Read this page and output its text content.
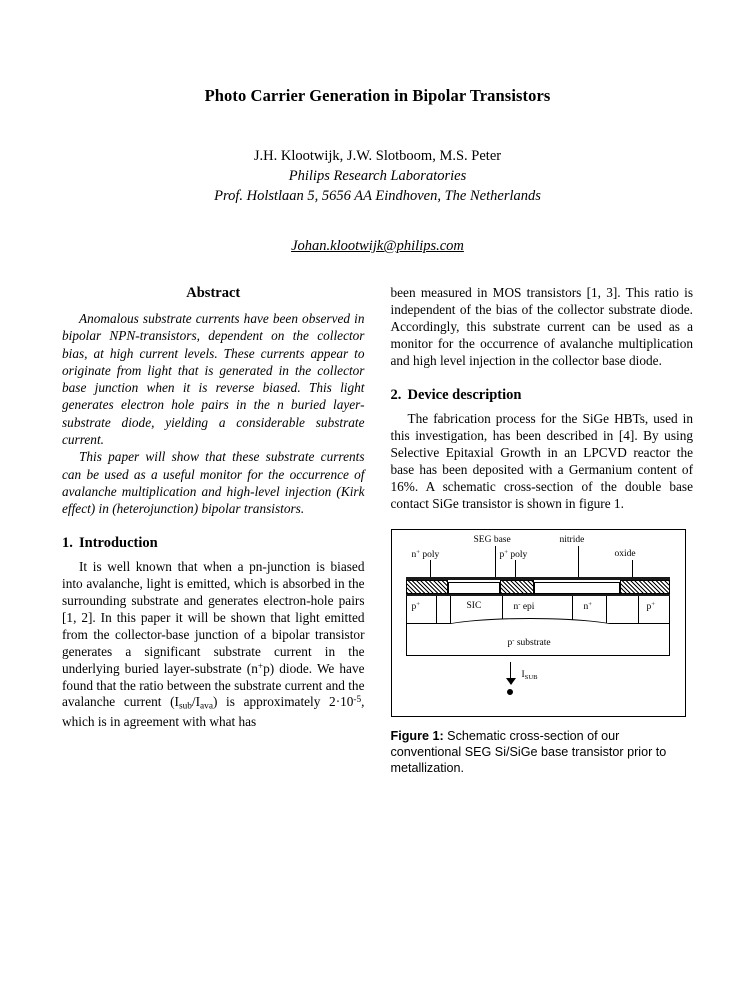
Photo Carrier Generation in Bipolar Transistors
J.H. Klootwijk, J.W. Slotboom, M.S. Peter
Philips Research Laboratories
Prof. Holstlaan 5, 5656 AA Eindhoven, The Netherlands
Johan.klootwijk@philips.com
Abstract

Anomalous substrate currents have been observed in bipolar NPN-transistors, dependent on the collector bias, at high current levels. These currents appear to originate from light that is generated in the collector base junction when it is reverse biased. This light generates electron hole pairs in the n buried layer-substrate diode, yielding a considerable substrate current.

This paper will show that these substrate currents can be used as a useful monitor for the occurrence of avalanche multiplication and high-level injection (Kirk effect) in (heterojunction) bipolar transistors.

1. Introduction

It is well known that when a pn-junction is biased into avalanche, light is emitted, which is absorbed in the surrounding substrate and generates electron-hole pairs [1, 2]. In this paper it will be shown that light emitted from the collector-base junction of a bipolar transistor generates a significant substrate current in the underlying buried layer-substrate (n+p) diode. We have found that the ratio between the substrate current and the avalanche current $(I_{sub}/I_{ava})$ is approximately $2\cdot 10^{-5}$, which is in agreement with what has

been measured in MOS transistors [1, 3]. This ratio is independent of the bias of the collector substrate diode. Accordingly, this substrate current can be used as a monitor for the occurrence of avalanche multiplication and high level injection in the collector base diode.

2. Device description

The fabrication process for the SiGe HBTs, used in this investigation, has been described in [4]. By using Selective Epitaxial Growth in an LPCVD reactor the base has been deposited with a Germanium content of 16%. A schematic cross-section of the double base contact SiGe transistor is shown in figure 1.

SEG base	nitride
n+ poly	p+ poly	oxide
p+	SIC	n- epi	n+	p+
p- substrate
$I_{SUB}$
Figure 1: Schematic cross-section of our conventional SEG Si/SiGe base transistor prior to metallization.
